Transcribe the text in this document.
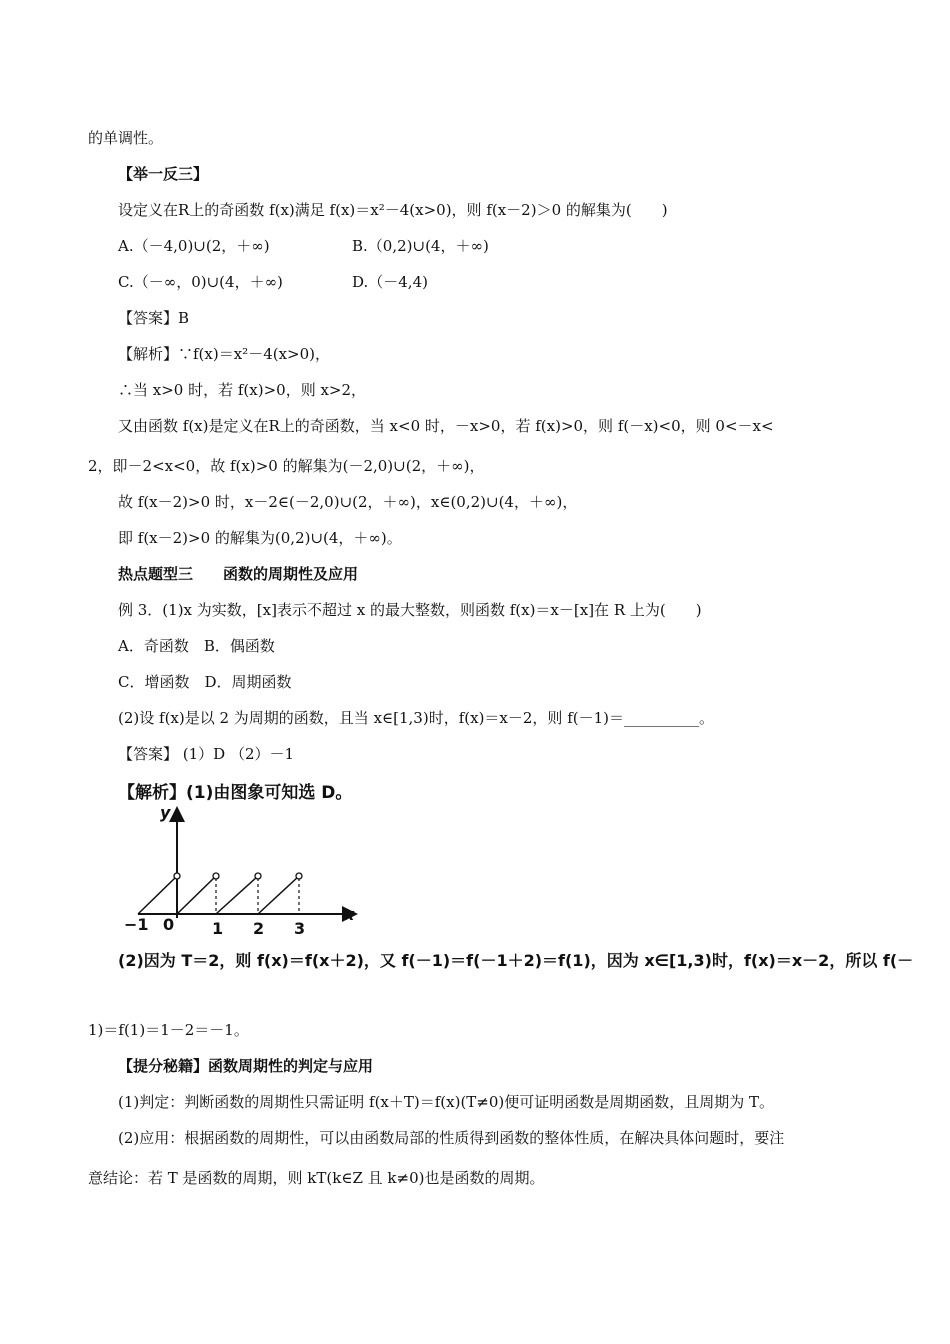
的单调性。
【举一反三】
设定义在R上的奇函数 f(x)满足 f(x)＝x²－4(x>0)，则 f(x－2)＞0 的解集为(　　)
A.（－4,0)∪(2，＋∞)	B.（0,2)∪(4，＋∞)
C.（－∞，0)∪(4，＋∞)	D.（－4,4)
【答案】B
【解析】∵f(x)＝x²－4(x>0)，
∴当 x>0 时，若 f(x)>0，则 x>2，
又由函数 f(x)是定义在R上的奇函数，当 x<0 时，－x>0，若 f(x)>0，则 f(－x)<0，则 0<－x<
2，即－2<x<0，故 f(x)>0 的解集为(－2,0)∪(2，＋∞)，
故 f(x－2)>0 时，x－2∈(－2,0)∪(2，＋∞)，x∈(0,2)∪(4，＋∞)，
即 f(x－2)>0 的解集为(0,2)∪(4，＋∞)。
热点题型三　　函数的周期性及应用
例 3．(1)x 为实数，[x]表示不超过 x 的最大整数，则函数 f(x)＝x－[x]在 R 上为(　　)
A．奇函数　B．偶函数
C．增函数　D．周期函数
(2)设 f(x)是以 2 为周期的函数，且当 x∈[1,3)时，f(x)＝x－2，则 f(－1)＝__________。
【答案】 (1）D （2）－1
【解析】(1)由图象可知选 D。
y
x
−1 0 1 2 3
(2)因为 T＝2，则 f(x)＝f(x＋2)，又 f(－1)＝f(－1＋2)＝f(1)，因为 x∈[1,3)时，f(x)＝x－2，所以 f(－
1)＝f(1)＝1－2＝－1。
【提分秘籍】函数周期性的判定与应用
(1)判定：判断函数的周期性只需证明 f(x＋T)＝f(x)(T≠0)便可证明函数是周期函数，且周期为 T。
(2)应用：根据函数的周期性，可以由函数局部的性质得到函数的整体性质，在解决具体问题时，要注
意结论：若 T 是函数的周期，则 kT(k∈Z 且 k≠0)也是函数的周期。
